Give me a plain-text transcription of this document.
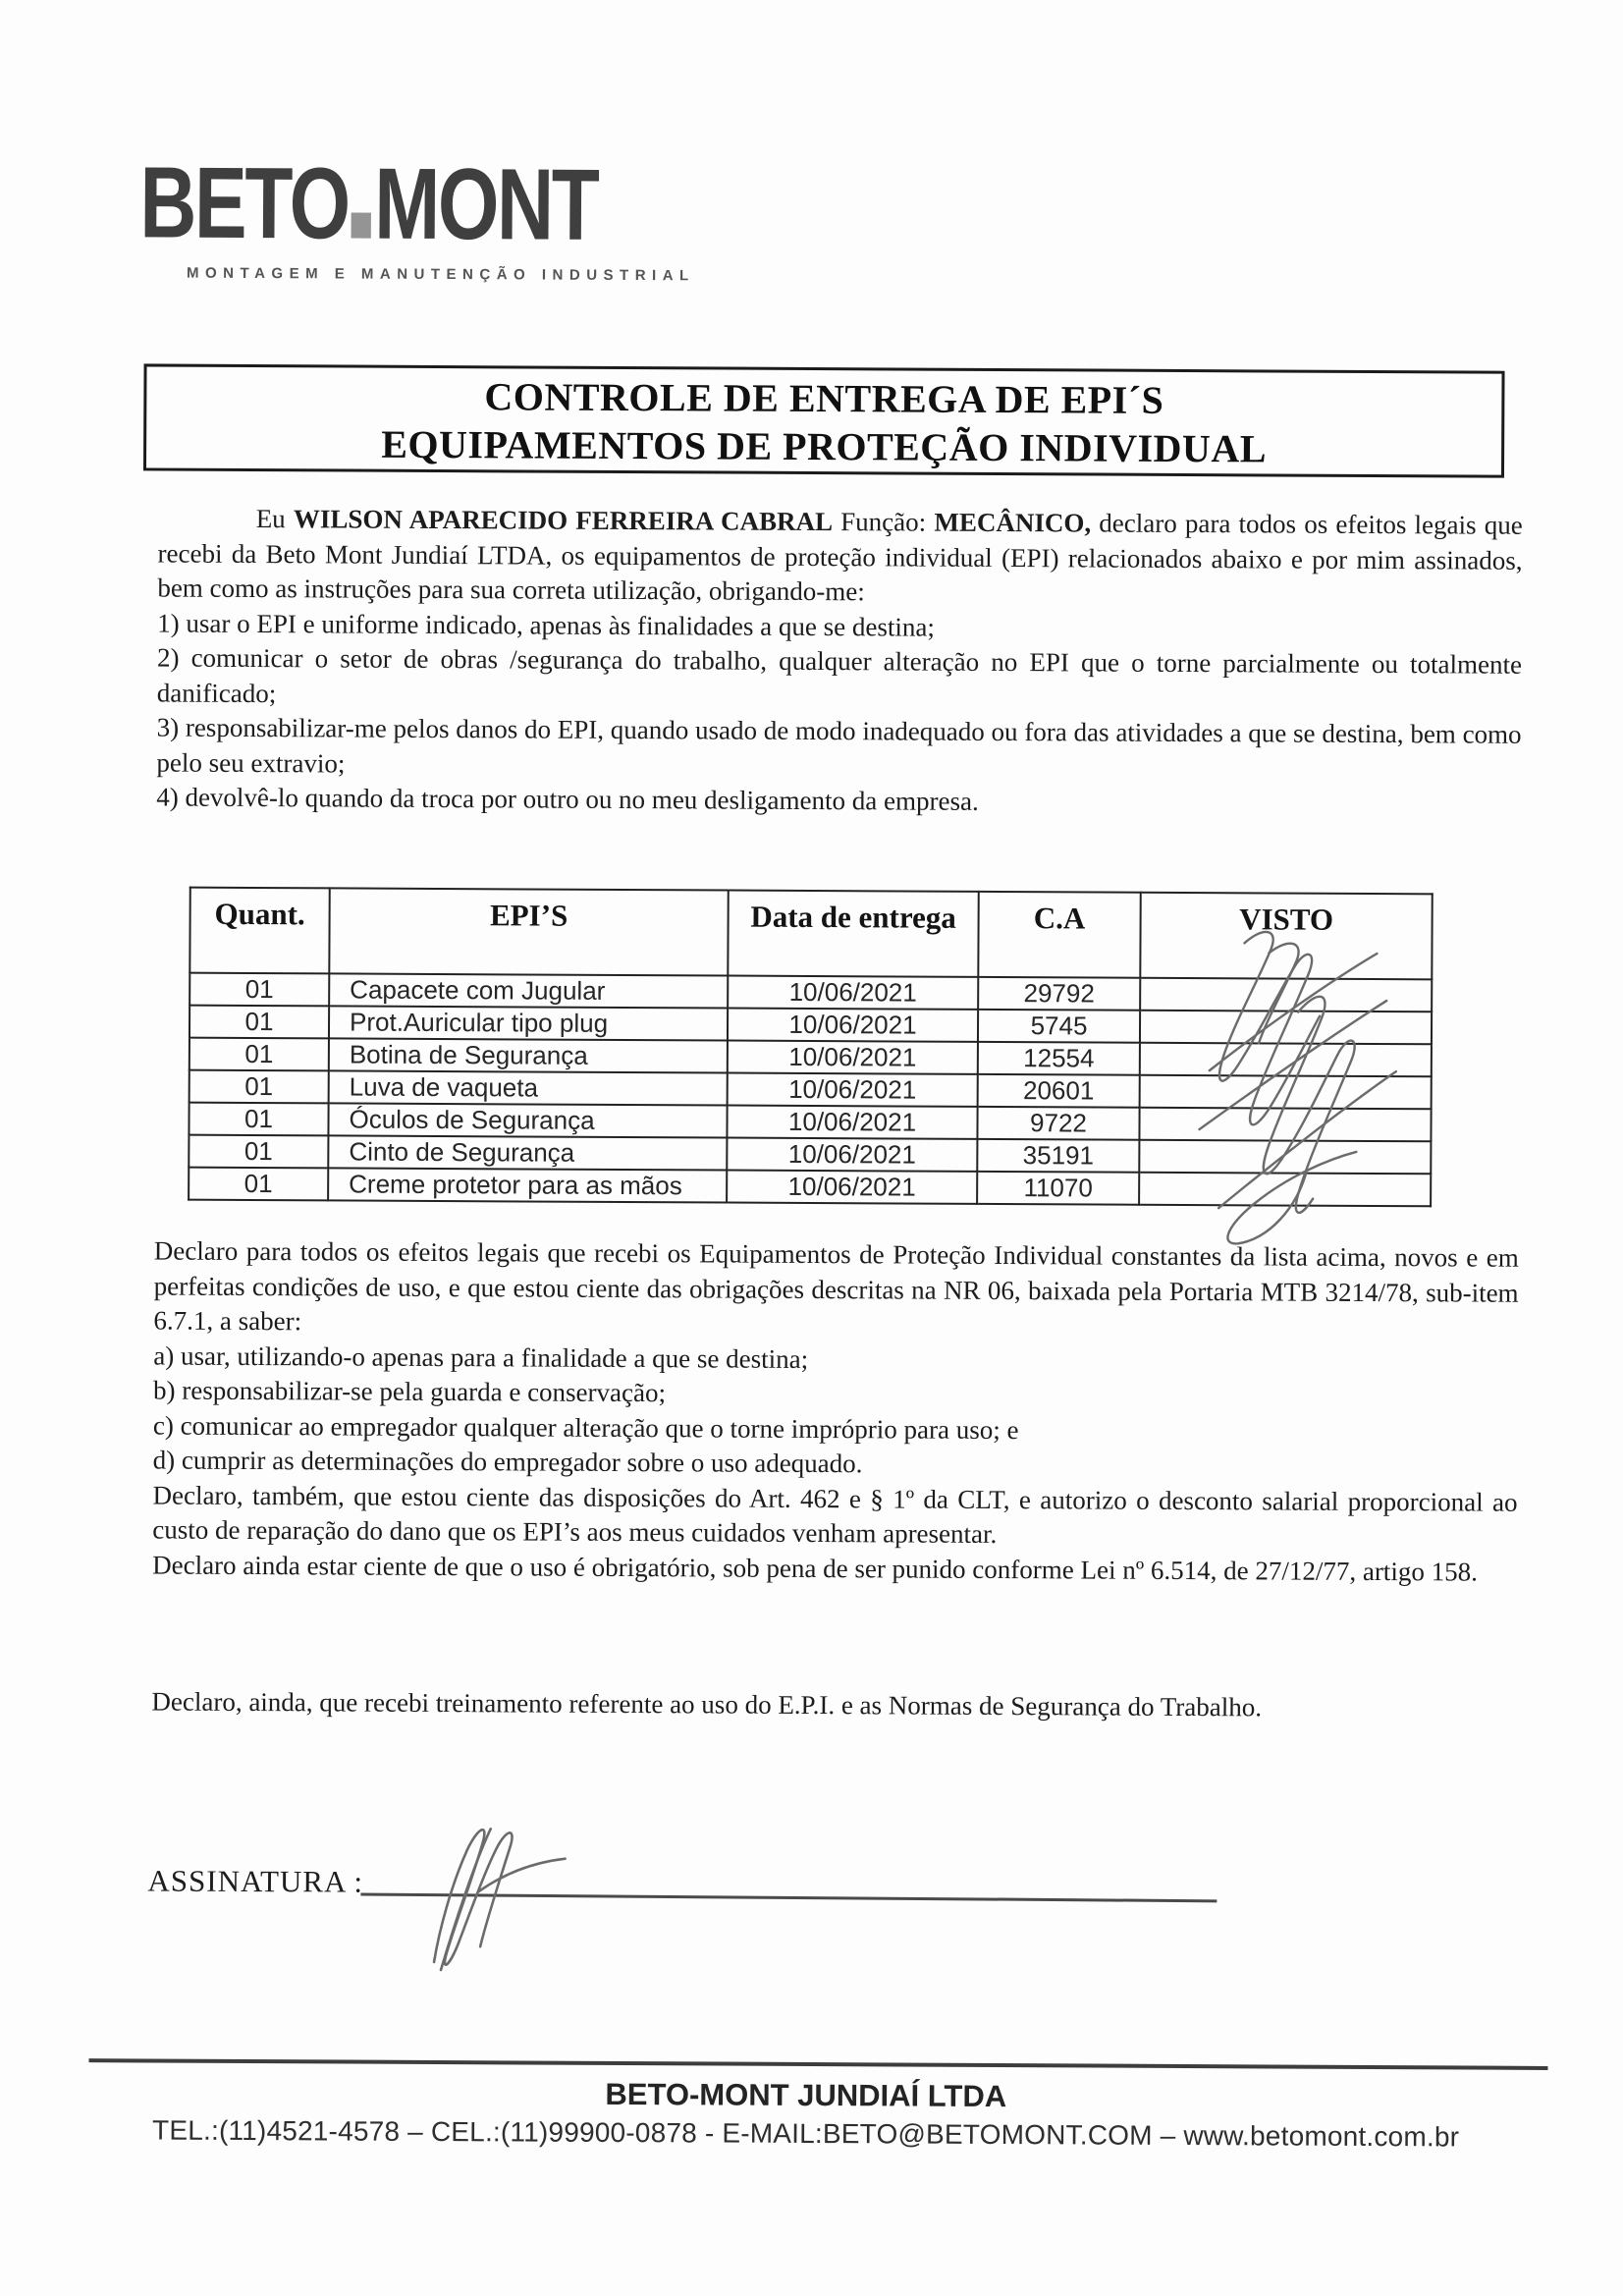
BETO MONT
MONTAGEM E MANUTENÇÃO INDUSTRIAL
CONTROLE DE ENTREGA DE EPI´S
EQUIPAMENTOS DE PROTEÇÃO INDIVIDUAL

Eu WILSON APARECIDO FERREIRA CABRAL Função: MECÂNICO, declaro para todos os efeitos legais que recebi da Beto Mont Jundiaí LTDA, os equipamentos de proteção individual (EPI) relacionados abaixo e por mim assinados, bem como as instruções para sua correta utilização, obrigando-me:

1) usar o EPI e uniforme indicado, apenas às finalidades a que se destina;
2) comunicar o setor de obras /segurança do trabalho, qualquer alteração no EPI que o torne parcialmente ou totalmente danificado;
3) responsabilizar-me pelos danos do EPI, quando usado de modo inadequado ou fora das atividades a que se destina, bem como pelo seu extravio;
4) devolvê-lo quando da troca por outro ou no meu desligamento da empresa.
Quant.	EPI’S	Data de entrega	C.A	VISTO
01	Capacete com Jugular	10/06/2021	29792	
01	Prot.Auricular tipo plug	10/06/2021	5745	
01	Botina de Segurança	10/06/2021	12554	
01	Luva de vaqueta	10/06/2021	20601	
01	Óculos de Segurança	10/06/2021	9722	
01	Cinto de Segurança	10/06/2021	35191	
01	Creme protetor para as mãos	10/06/2021	11070	

Declaro para todos os efeitos legais que recebi os Equipamentos de Proteção Individual constantes da lista acima, novos e em perfeitas condições de uso, e que estou ciente das obrigações descritas na NR 06, baixada pela Portaria MTB 3214/78, sub-item 6.7.1, a saber:

a) usar, utilizando-o apenas para a finalidade a que se destina;
b) responsabilizar-se pela guarda e conservação;
c) comunicar ao empregador qualquer alteração que o torne impróprio para uso; e
d) cumprir as determinações do empregador sobre o uso adequado.

Declaro, também, que estou ciente das disposições do Art. 462 e § 1º da CLT, e autorizo o desconto salarial proporcional ao custo de reparação do dano que os EPI’s aos meus cuidados venham apresentar.

Declaro ainda estar ciente de que o uso é obrigatório, sob pena de ser punido conforme Lei nº 6.514, de 27/12/77, artigo 158.

Declaro, ainda, que recebi treinamento referente ao uso do E.P.I. e as Normas de Segurança do Trabalho.

ASSINATURA :
BETO-MONT JUNDIAÍ LTDA
TEL.:(11)4521-4578 – CEL.:(11)99900-0878 - E-MAIL:BETO@BETOMONT.COM – www.betomont.com.br
